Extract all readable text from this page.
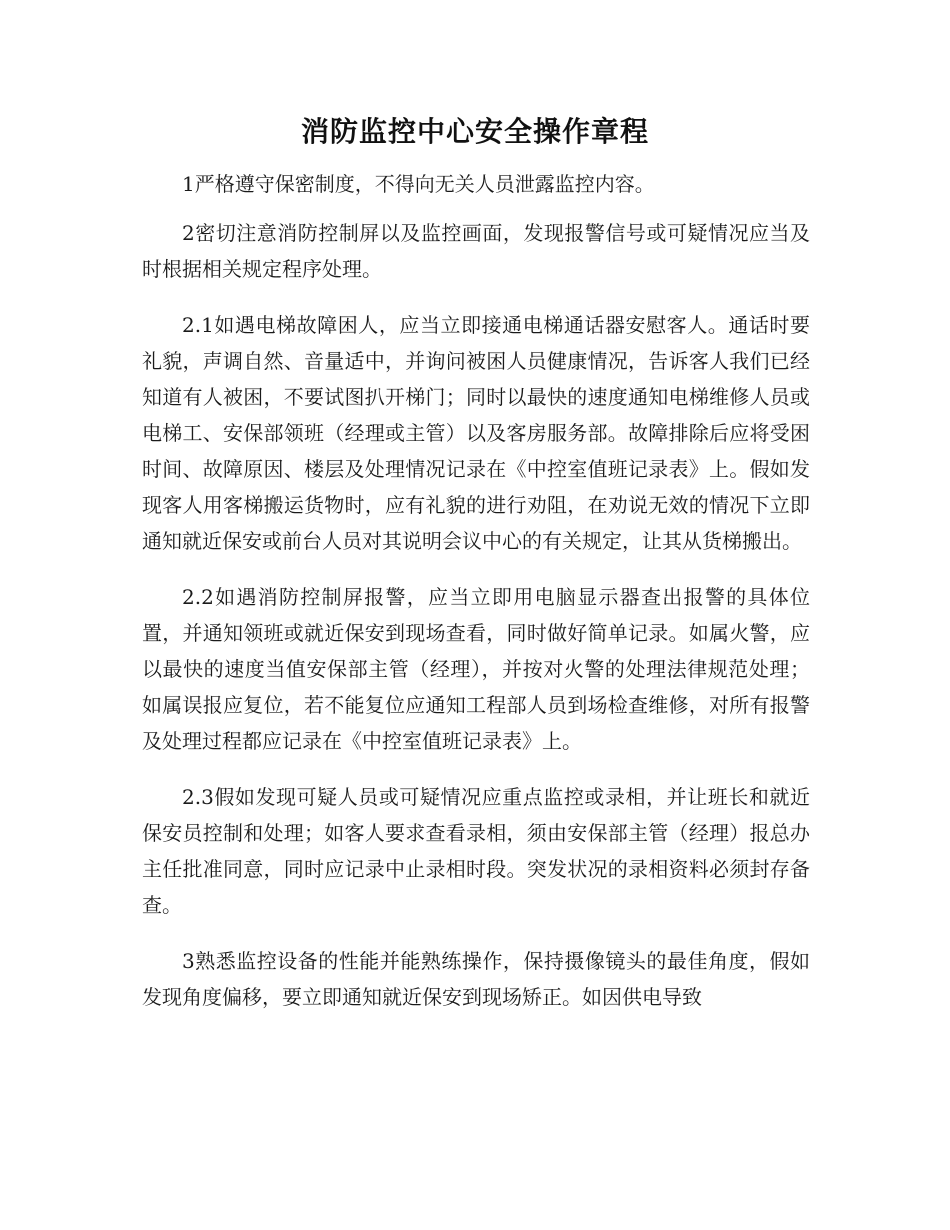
消防监控中心安全操作章程

1严格遵守保密制度，不得向无关人员泄露监控内容。

2密切注意消防控制屏以及监控画面，发现报警信号或可疑情况应当及时根据相关规定程序处理。

2.1如遇电梯故障困人，应当立即接通电梯通话器安慰客人。通话时要礼貌，声调自然、音量适中，并询问被困人员健康情况，告诉客人我们已经知道有人被困，不要试图扒开梯门；同时以最快的速度通知电梯维修人员或电梯工、安保部领班（经理或主管）以及客房服务部。故障排除后应将受困时间、故障原因、楼层及处理情况记录在《中控室值班记录表》上。假如发现客人用客梯搬运货物时，应有礼貌的进行劝阻，在劝说无效的情况下立即通知就近保安或前台人员对其说明会议中心的有关规定，让其从货梯搬出。

2.2如遇消防控制屏报警，应当立即用电脑显示器查出报警的具体位置，并通知领班或就近保安到现场查看，同时做好简单记录。如属火警，应以最快的速度当值安保部主管（经理），并按对火警的处理法律规范处理；如属误报应复位，若不能复位应通知工程部人员到场检查维修，对所有报警及处理过程都应记录在《中控室值班记录表》上。

2.3假如发现可疑人员或可疑情况应重点监控或录相，并让班长和就近保安员控制和处理；如客人要求查看录相，须由安保部主管（经理）报总办主任批准同意，同时应记录中止录相时段。突发状况的录相资料必须封存备查。

3熟悉监控设备的性能并能熟练操作，保持摄像镜头的最佳角度，假如发现角度偏移，要立即通知就近保安到现场矫正。如因供电导致
